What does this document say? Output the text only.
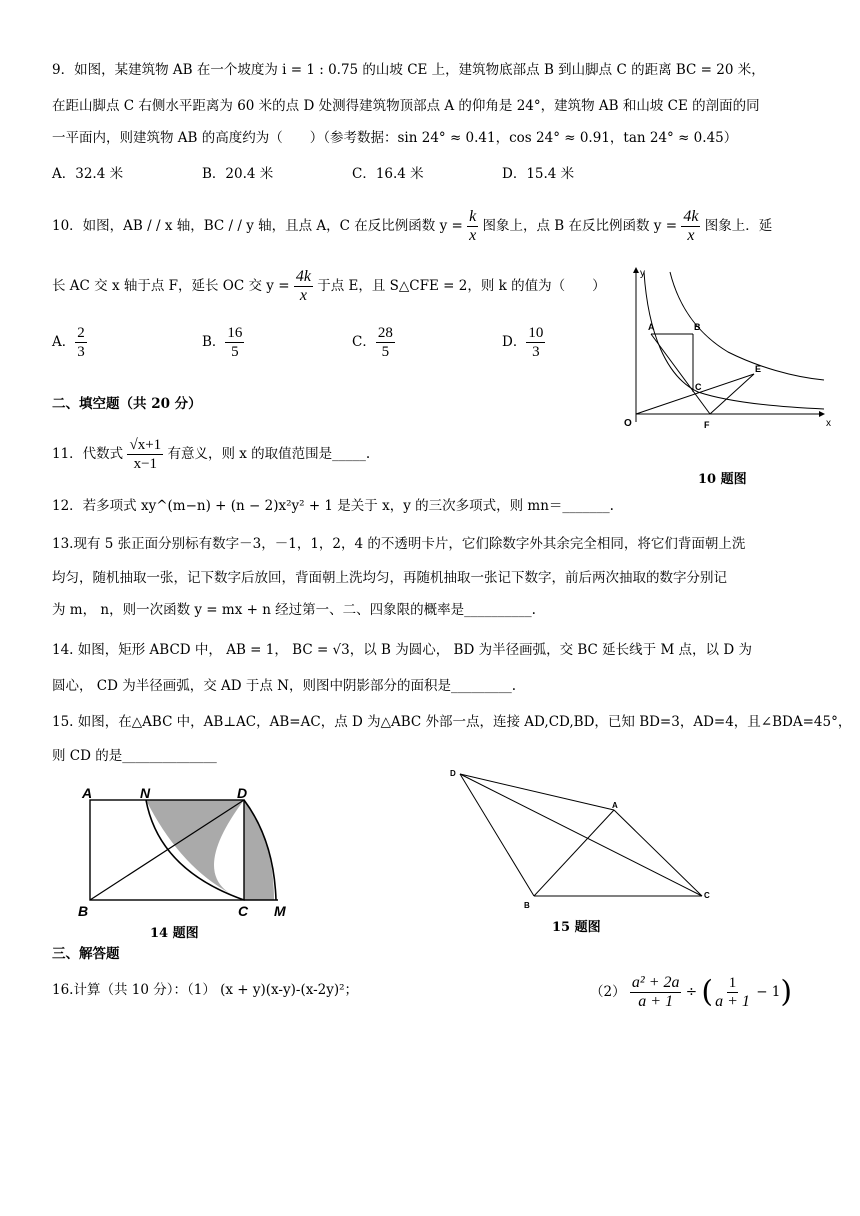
9．如图，某建筑物 AB 在一个坡度为 i = 1 : 0.75 的山坡 CE 上，建筑物底部点 B 到山脚点 C 的距离 BC = 20 米，
在距山脚点 C 右侧水平距离为 60 米的点 D 处测得建筑物顶部点 A 的仰角是 24°，建筑物 AB 和山坡 CE 的剖面的同
一平面内，则建筑物 AB 的高度约为（　　）（参考数据：sin 24° ≈ 0.41，cos 24° ≈ 0.91，tan 24° ≈ 0.45）
A．32.4 米	B．20.4 米	C．16.4 米	D．15.4 米
10．如图，AB / / x 轴，BC / / y 轴，且点 A，C 在反比例函数 $y = \frac{k}{x}$ 图象上，点 B 在反比例函数 $y = \frac{4k}{x}$ 图象上．延
长 AC 交 x 轴于点 F，延长 OC 交 $y = \frac{4k}{x}$ 于点 E，且 S△CFE = 2，则 k 的值为（　　）
A． $\frac{2}{3}$	B． $\frac{16}{5}$	C． $\frac{28}{5}$	D． $\frac{10}{3}$
y
x
O
A	B
C
E
F
10 题图
二、填空题（共 20 分）
11．代数式 $\frac{√x+1}{x-1}$ 有意义，则 x 的取值范围是_____.
12．若多项式 xy^(m−n) + (n − 2)x²y² + 1 是关于 x，y 的三次多项式，则 mn＝_______.
13.现有 5 张正面分别标有数字－3，－1，1，2，4 的不透明卡片，它们除数字外其余完全相同，将它们背面朝上洗
均匀，随机抽取一张，记下数字后放回，背面朝上洗均匀，再随机抽取一张记下数字，前后两次抽取的数字分别记
为 m， n，则一次函数 y = mx + n 经过第一、二、四象限的概率是__________.
14. 如图，矩形 ABCD 中， AB = 1， BC = √3，以 B 为圆心， BD 为半径画弧，交 BC 延长线于 M 点，以 D 为
圆心， CD 为半径画弧，交 AD 于点 N，则图中阴影部分的面积是_________.
15. 如图，在△ABC 中，AB⊥AC，AB=AC，点 D 为△ABC 外部一点，连接 AD,CD,BD，已知 BD=3，AD=4，且∠BDA=45°，
则 CD 的是______________
A	N	D
B	C M
14 题图
D
A
B
C
15 题图
三、解答题
16.计算（共 10 分）：（1） (x + y)(x-y)-(x-2y)²；	$(2) \frac{\text{a² + 2a}}{a + 1}$ ÷ ( $\frac{1}{a + 1} - 1$)
